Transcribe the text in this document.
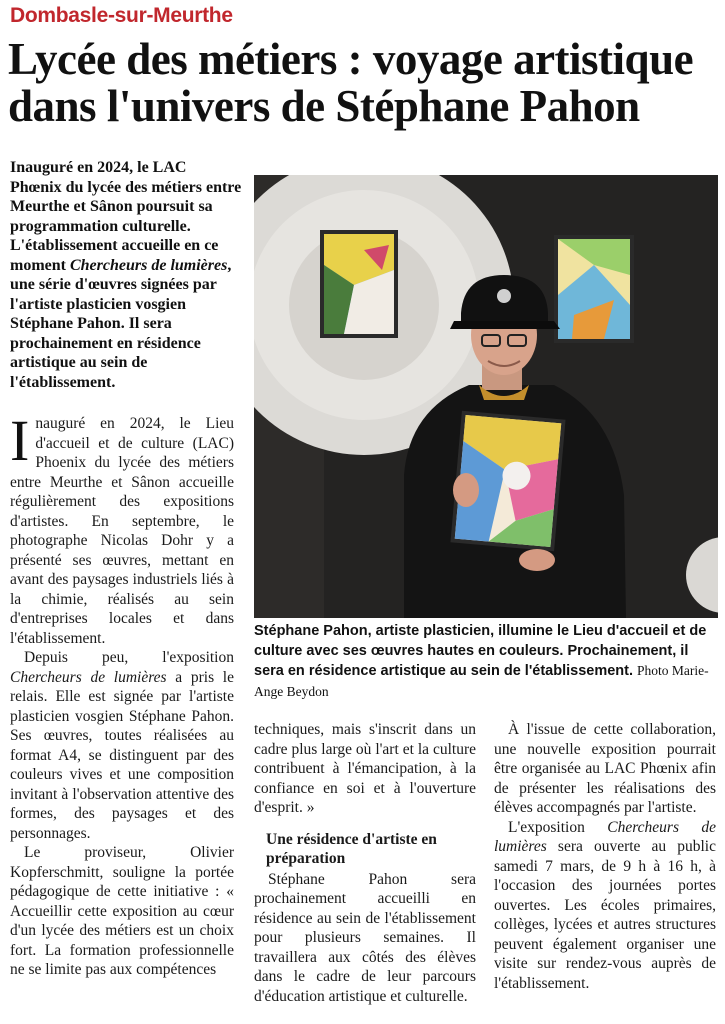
Dombasle-sur-Meurthe
Lycée des métiers : voyage artistique dans l'univers de Stéphane Pahon

Inauguré en 2024, le LAC Phœnix du lycée des métiers entre Meurthe et Sânon poursuit sa programmation culturelle. L'établissement accueille en ce moment Chercheurs de lumières, une série d'œuvres signées par l'artiste plasticien vosgien Stéphane Pahon. Il sera prochainement en résidence artistique au sein de l'établissement.

Inauguré en 2024, le Lieu d'accueil et de culture (LAC) Phoenix du lycée des métiers entre Meurthe et Sânon accueille régulièrement des expositions d'artistes. En septembre, le photographe Nicolas Dohr y a présenté ses œuvres, mettant en avant des paysages industriels liés à la chimie, réalisés au sein d'entreprises locales et dans l'établissement.

Depuis peu, l'exposition Chercheurs de lumières a pris le relais. Elle est signée par l'artiste plasticien vosgien Stéphane Pahon. Ses œuvres, toutes réalisées au format A4, se distinguent par des couleurs vives et une composition invitant à l'observation attentive des formes, des paysages et des personnages.

Le proviseur, Olivier Kopferschmitt, souligne la portée pédagogique de cette initiative : « Accueillir cette exposition au cœur d'un lycée des métiers est un choix fort. La formation professionnelle ne se limite pas aux compétences

Stéphane Pahon, artiste plasticien, illumine le Lieu d'accueil et de culture avec ses œuvres hautes en couleurs. Prochainement, il sera en résidence artistique au sein de l'établissement. Photo Marie-Ange Beydon

techniques, mais s'inscrit dans un cadre plus large où l'art et la culture contribuent à l'émancipation, à la confiance en soi et à l'ouverture d'esprit. »

Une résidence d'artiste en préparation

Stéphane Pahon sera prochainement accueilli en résidence au sein de l'établissement pour plusieurs semaines. Il travaillera aux côtés des élèves dans le cadre de leur parcours d'éducation artistique et culturelle.

À l'issue de cette collaboration, une nouvelle exposition pourrait être organisée au LAC Phœnix afin de présenter les réalisations des élèves accompagnés par l'artiste.

L'exposition Chercheurs de lumières sera ouverte au public samedi 7 mars, de 9 h à 16 h, à l'occasion des journées portes ouvertes. Les écoles primaires, collèges, lycées et autres structures peuvent également organiser une visite sur rendez-vous auprès de l'établissement.
